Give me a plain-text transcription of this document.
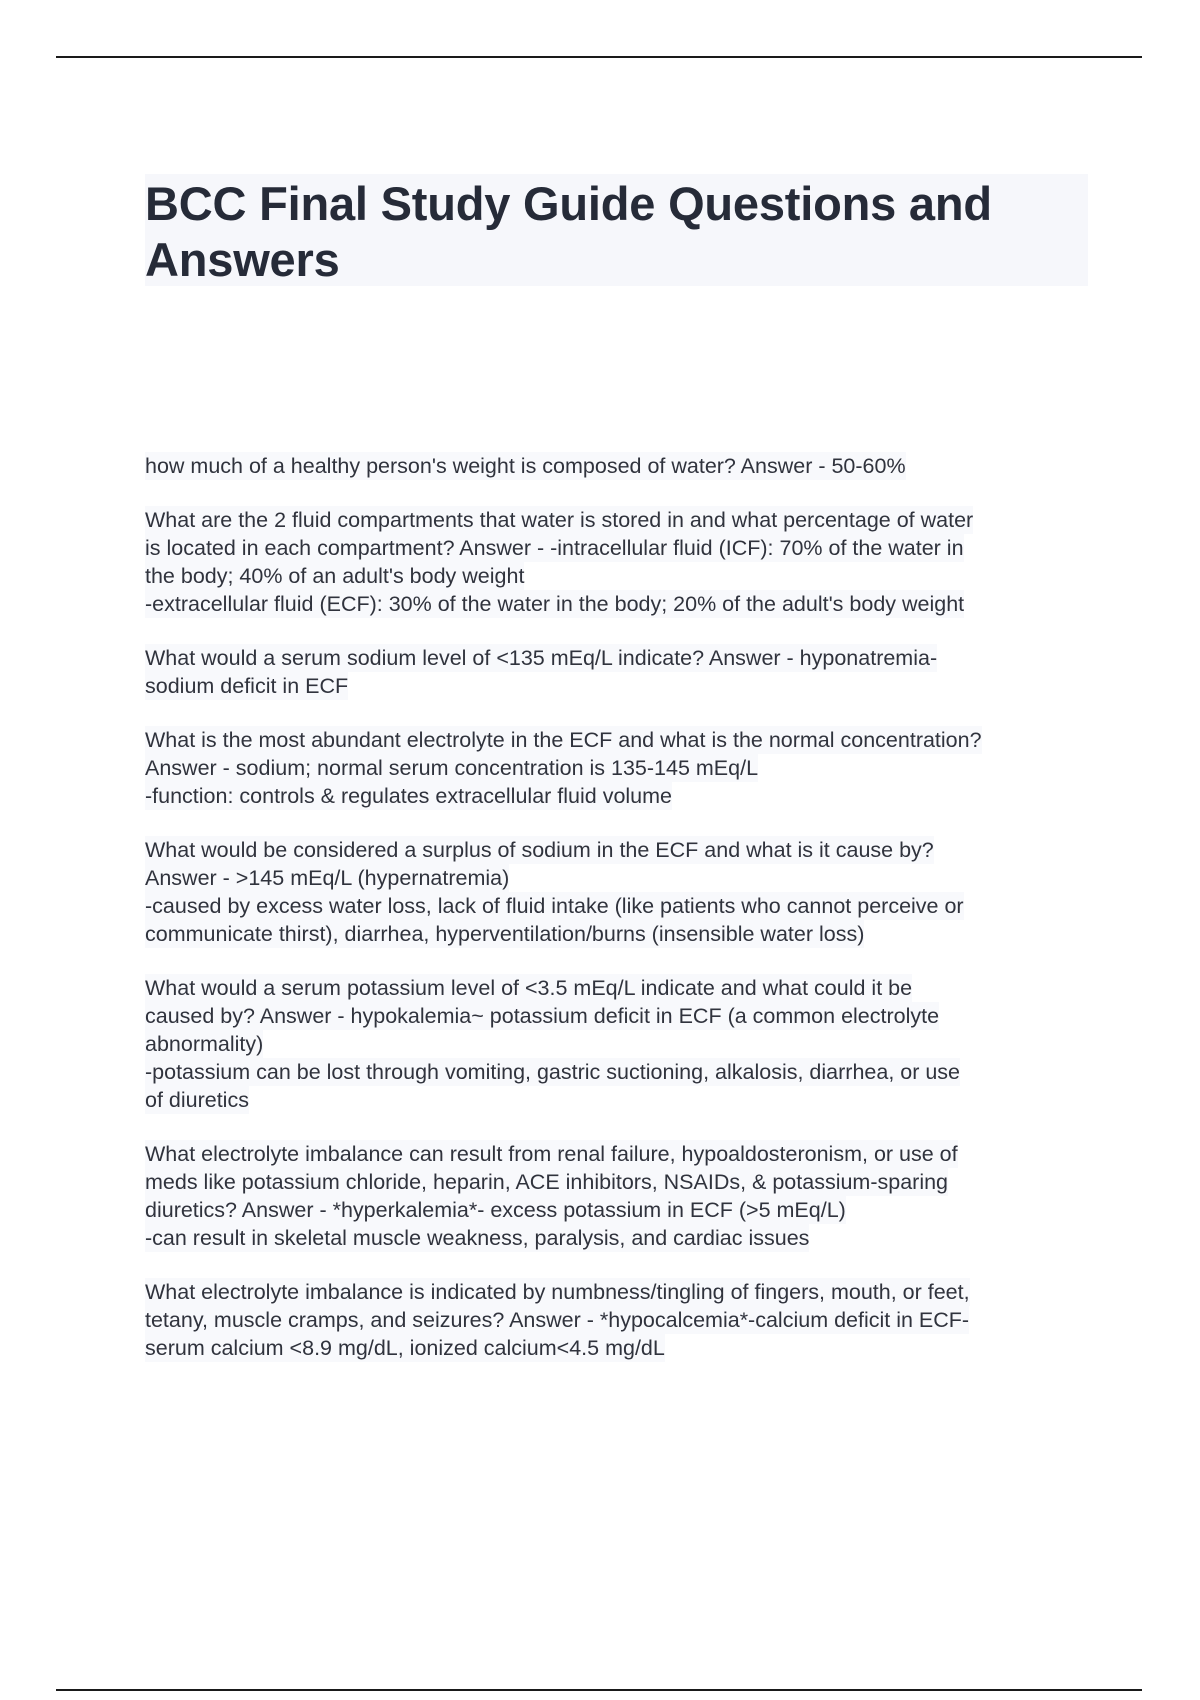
BCC Final Study Guide Questions and Answers
how much of a healthy person's weight is composed of water? Answer - 50-60%
What are the 2 fluid compartments that water is stored in and what percentage of water
is located in each compartment? Answer - -intracellular fluid (ICF): 70% of the water in
the body; 40% of an adult's body weight
-extracellular fluid (ECF): 30% of the water in the body; 20% of the adult's body weight
What would a serum sodium level of <135 mEq/L indicate? Answer - hyponatremia-
sodium deficit in ECF
What is the most abundant electrolyte in the ECF and what is the normal concentration?
Answer - sodium; normal serum concentration is 135-145 mEq/L
-function: controls & regulates extracellular fluid volume
What would be considered a surplus of sodium in the ECF and what is it cause by?
Answer - >145 mEq/L (hypernatremia)
-caused by excess water loss, lack of fluid intake (like patients who cannot perceive or
communicate thirst), diarrhea, hyperventilation/burns (insensible water loss)
What would a serum potassium level of <3.5 mEq/L indicate and what could it be
caused by? Answer - hypokalemia~ potassium deficit in ECF (a common electrolyte
abnormality)
-potassium can be lost through vomiting, gastric suctioning, alkalosis, diarrhea, or use
of diuretics
What electrolyte imbalance can result from renal failure, hypoaldosteronism, or use of
meds like potassium chloride, heparin, ACE inhibitors, NSAIDs, & potassium-sparing
diuretics? Answer - *hyperkalemia*- excess potassium in ECF (>5 mEq/L)
-can result in skeletal muscle weakness, paralysis, and cardiac issues
What electrolyte imbalance is indicated by numbness/tingling of fingers, mouth, or feet,
tetany, muscle cramps, and seizures? Answer - *hypocalcemia*-calcium deficit in ECF-
serum calcium <8.9 mg/dL, ionized calcium<4.5 mg/dL
